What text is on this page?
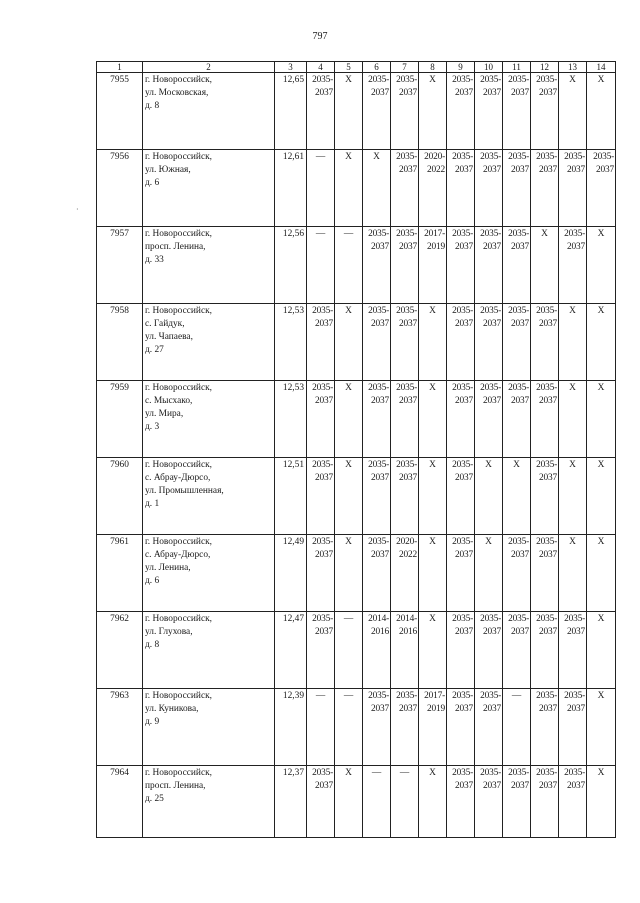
797
·
1	2	3	4	5	6	7	8	9	10	11	12	13	14
7955	г. Новороссийск,
ул. Московская,
д. 8	12,65	2035-
2037	X	2035-
2037	2035-
2037	X	2035-
2037	2035-
2037	2035-
2037	2035-
2037	X	X
7956	г. Новороссийск,
ул. Южная,
д. 6	12,61	—	X	X	2035-
2037	2020-
2022	2035-
2037	2035-
2037	2035-
2037	2035-
2037	2035-
2037	2035-
2037
7957	г. Новороссийск,
просп. Ленина,
д. 33	12,56	—	—	2035-
2037	2035-
2037	2017-
2019	2035-
2037	2035-
2037	2035-
2037	X	2035-
2037	X
7958	г. Новороссийск,
с. Гайдук,
ул. Чапаева,
д. 27	12,53	2035-
2037	X	2035-
2037	2035-
2037	X	2035-
2037	2035-
2037	2035-
2037	2035-
2037	X	X
7959	г. Новороссийск,
с. Мысхако,
ул. Мира,
д. 3	12,53	2035-
2037	X	2035-
2037	2035-
2037	X	2035-
2037	2035-
2037	2035-
2037	2035-
2037	X	X
7960	г. Новороссийск,
с. Абрау-Дюрсо,
ул. Промышленная,
д. 1	12,51	2035-
2037	X	2035-
2037	2035-
2037	X	2035-
2037	X	X	2035-
2037	X	X
7961	г. Новороссийск,
с. Абрау-Дюрсо,
ул. Ленина,
д. 6	12,49	2035-
2037	X	2035-
2037	2020-
2022	X	2035-
2037	X	2035-
2037	2035-
2037	X	X
7962	г. Новороссийск,
ул. Глухова,
д. 8	12,47	2035-
2037	—	2014-
2016	2014-
2016	X	2035-
2037	2035-
2037	2035-
2037	2035-
2037	2035-
2037	X
7963	г. Новороссийск,
ул. Куникова,
д. 9	12,39	—	—	2035-
2037	2035-
2037	2017-
2019	2035-
2037	2035-
2037	—	2035-
2037	2035-
2037	X
7964	г. Новороссийск,
просп. Ленина,
д. 25	12,37	2035-
2037	X	—	—	X	2035-
2037	2035-
2037	2035-
2037	2035-
2037	2035-
2037	X
